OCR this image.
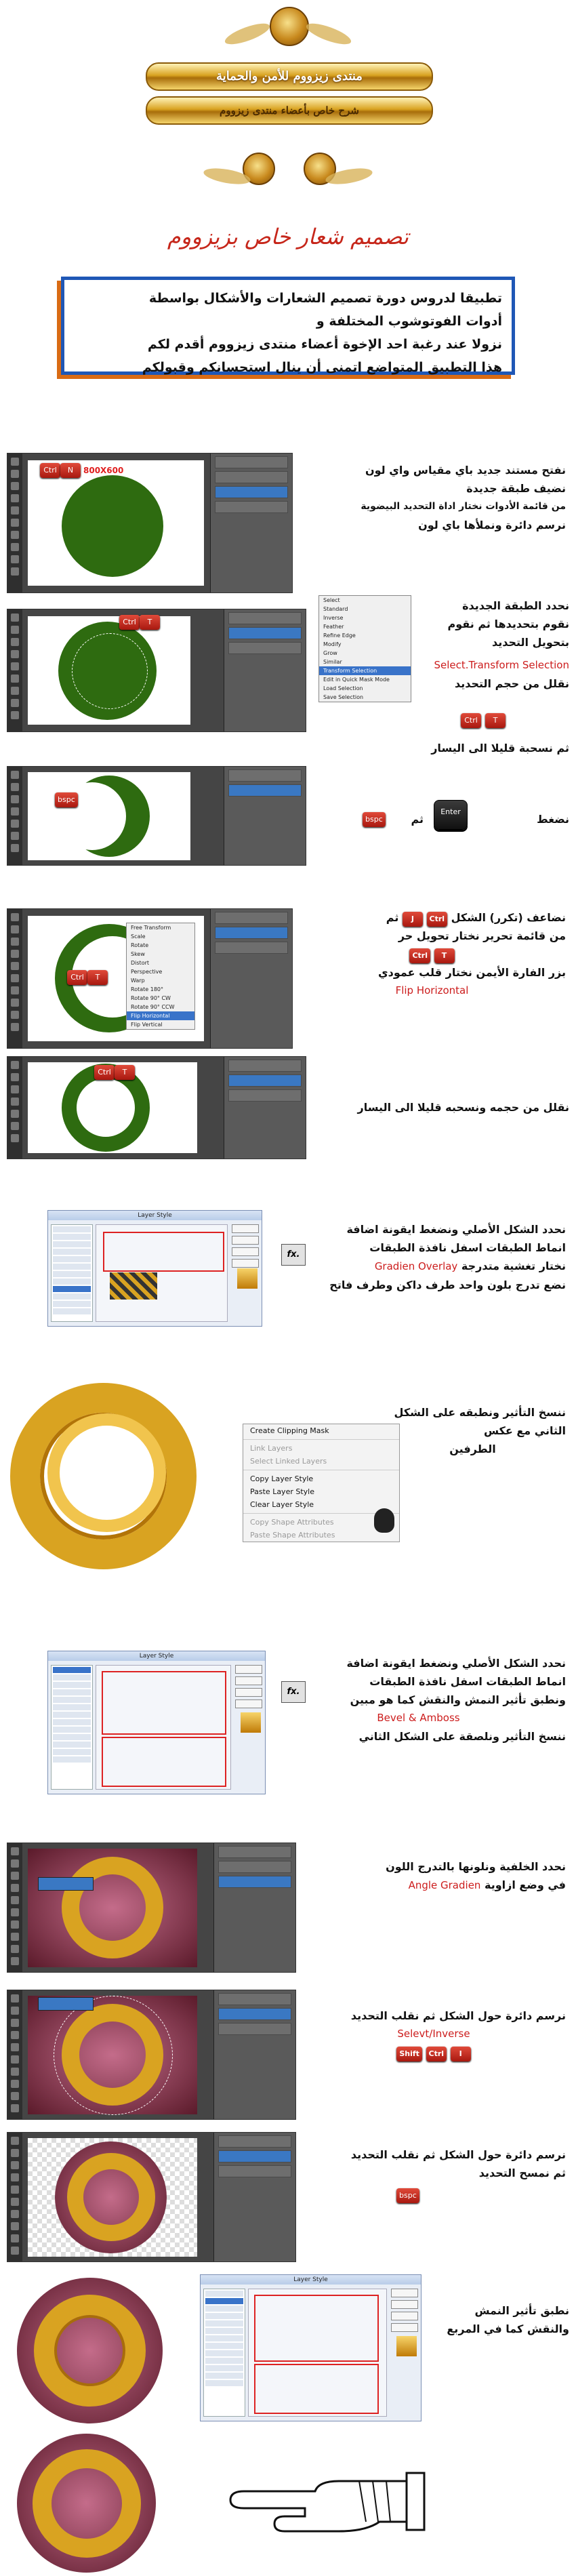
منتدى زيزووم للأمن والحماية
شرح خاص بأعضاء منتدى زيزووم
تصميم شعار خاص بزيزووم
تطبيقا لدروس دورة تصميم الشعارات والأشكال بواسطة
أدوات الفوتوشوب المختلفة و
نزولا عند رغبة احد الإخوة أعضاء منتدى زيزووم أقدم لكم
هذا التطبيق المتواضع اتمنى أن ينال استحسانكم وقبولكم
Ctrl	N	800X600	نفتح مستند جديد باي مقياس واي لون
نضيف طبقة جديدة
من قائمة الأدوات نختار اداة التحديد البيضوية
نرسم دائرة ونملأها باي لون
Ctrl	T
Select
Standard
Inverse
Feather
Refine Edge
Modify
Grow
Similar
Transform Selection
Edit in Quick Mask Mode
Load Selection
Save Selection
نحدد الطبقة الجديدة
نقوم بتحديدها ثم نقوم
بتحويل التحديد
Select.Transform Selection
نقلل من حجم التحديد
Ctrl	T
ثم نسحبة قليلا الى اليسار
bspc
نضغط
Enter
ثم
bspc
Free Transform
Scale
Rotate
Skew
Distort
Perspective
Warp
Rotate 180°
Rotate 90° CW
Rotate 90° CCW
Flip Horizontal
Flip Vertical
Ctrl	T
نضاعف (تكرر) الشكل Ctrl J ثم
من قائمة تحرير نختار تحويل حر
Ctrl T
بزر الفارة الأيمن نختار قلب عمودي
Flip Horizontal
Ctrl	T
نقلل من حجمه ونسحبه قليلا الى اليسار
Layer Style
نحدد الشكل الأصلي ونضغط ايقونة اضافة
انماط الطبقات اسفل نافذة الطبقات
نختار تغشية متدرجة Gradien Overlay
نضع تدرج بلون واحد طرف داكن وطرف فاتح
fx.
Create Clipping Mask
Link Layers
Select Linked Layers
Copy Layer Style
Paste Layer Style
Clear Layer Style
Copy Shape Attributes
Paste Shape Attributes
ننسخ التأثير ونطبقه على الشكل الثاني مع عكس
الطرفين
Layer Style
نحدد الشكل الأصلي ونضغط ايقونة اضافة
انماط الطبقات اسفل نافذة الطبقات
ونطبق تأثير النمش والنقش كما هو مبين
Bevel & Amboss
ننسخ التأثير ونلصقة على الشكل الثاني
fx.
نحدد الخلفية ونلونها بالتدرج اللون
في وضع ازاوية Angle Gradien
نرسم دائرة حول الشكل ثم نقلب التحديد
Selevt/Inverse
Shift Ctrl I
نرسم دائرة حول الشكل ثم نقلب التحديد
ثم نمسح التحديد
bspc
Layer Style
نطبق تأثير النمش
والنقش كما في المربع
